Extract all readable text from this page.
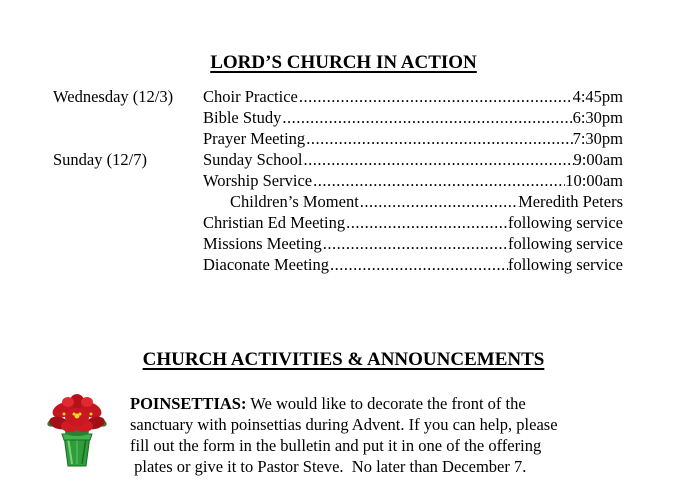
LORD’S CHURCH IN ACTION
Wednesday (12/3) Choir Practice .....	4:45pm
Bible Study .....	6:30pm
Prayer Meeting .....	7:30pm
Sunday (12/7)	Sunday School .....	9:00am
Worship Service .....	10:00am
Children’s Moment .....	Meredith Peters
Christian Ed Meeting .....	following service
Missions Meeting .....	following service
Diaconate Meeting .....	following service
CHURCH ACTIVITIES & ANNOUNCEMENTS

POINSETTIAS: We would like to decorate the front of the

sanctuary with poinsettias during Advent. If you can help, please

fill out the form in the bulletin and put it in one of the offering

plates or give it to Pastor Steve.  No later than December 7.
